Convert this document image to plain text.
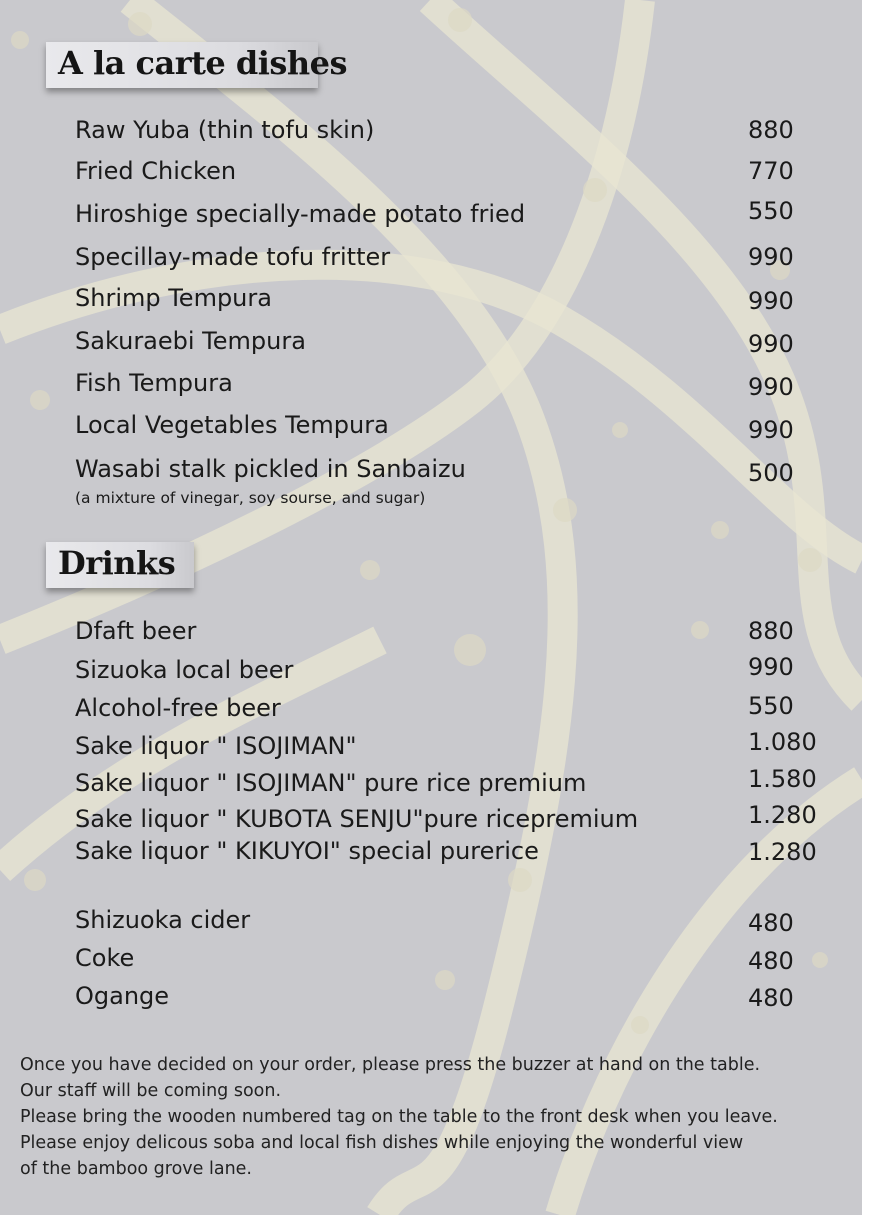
A la carte dishes
Raw Yuba (thin tofu skin)	880
Fried Chicken	770
Hiroshige specially-made potato fried	550
Specillay-made tofu fritter	990
Shrimp Tempura	990
Sakuraebi Tempura	990
Fish Tempura	990
Local Vegetables Tempura	990
Wasabi stalk pickled in Sanbaizu	500
(a mixture of vinegar, soy sourse, and sugar)
Drinks
Dfaft beer	880
Sizuoka local beer	990
Alcohol-free beer	550
Sake liquor " ISOJIMAN"	1.080
Sake liquor " ISOJIMAN" pure rice premium	1.580
Sake liquor " KUBOTA SENJU"pure ricepremium	1.280
Sake liquor " KIKUYOI" special purerice	1.280
Shizuoka cider	480
Coke	480
Ogange	480
Once you have decided on your order, please press the buzzer at hand on the table.
Our staff will be coming soon.
Please bring the wooden numbered tag on the table to the front desk when you leave.
Please enjoy delicous soba and local fish dishes while enjoying the wonderful view
of the bamboo grove lane.
